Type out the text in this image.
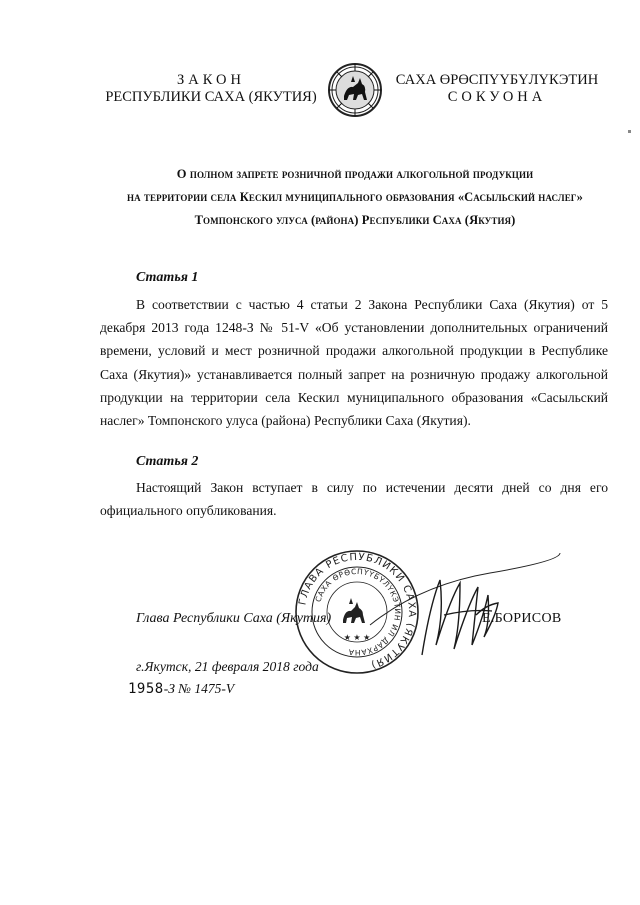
ЗАКОН
РЕСПУБЛИКИ САХА (ЯКУТИЯ)
САХА ӨРӨСПҮҮБҮЛҮКЭТИН
СОКУОНА
О полном запрете розничной продажи алкогольной продукции
на территории села Кескил муниципального образования «Сасыльский наслег»
Томпонского улуса (района) Республики Саха (Якутия)
Статья 1
В соответствии с частью 4 статьи 2 Закона Республики Саха (Якутия) от 5 декабря 2013 года 1248-З № 51-V «Об установлении дополнительных ограничений времени, условий и мест розничной продажи алкогольной продукции в Республике Саха (Якутия)» устанавливается полный запрет на розничную продажу алкогольной продукции на территории села Кескил муниципального образования «Сасыльский наслег» Томпонского улуса (района) Республики Саха (Якутия).
Статья 2
Настоящий Закон вступает в силу по истечении десяти дней со дня его официального опубликования.
Глава Республики Саха (Якутия)
ГЛАВА РЕСПУБЛИКИ САХА (ЯКУТИЯ)
САХА ӨРӨСПҮҮБҮЛҮКЭТИН ИЛ ДАРХАНА
★ ★ ★
Е.БОРИСОВ
г.Якутск, 21 февраля 2018 года
1958-З № 1475-V
